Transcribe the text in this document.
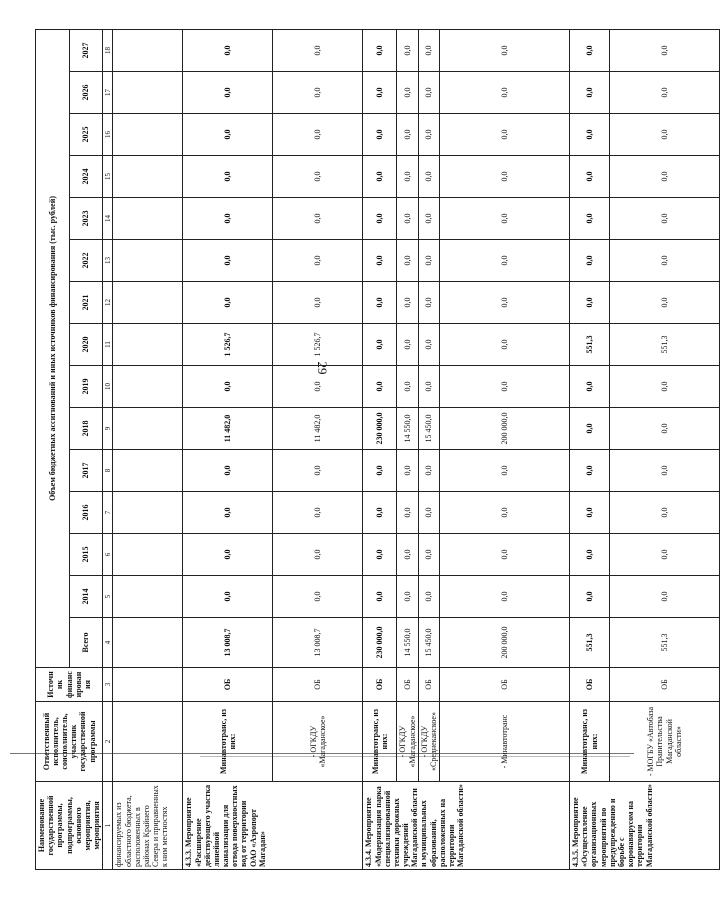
29
Наименование государственной программы, подпрограммы, основного мероприятия, мероприятия	Ответственный исполнитель, соисполнитель, участник государственной программы	Источник финансирования	Объем бюджетных ассигнований и иных источников финансирования (тыс. рублей)														
			Всего	2014	2015	2016	2017	2018	2019	2020	2021	2022	2023	2024	2025	2026	2027
1	2	3	4	5	6	7	8	9	10	11	12	13	14	15	16	17	18
финансируемых из областного бюджета, расположенных в районах Крайнего Севера и приравненных к ним местностях																	
4.3.3. Мероприятие «Расширение действующего участка линейной канализации для отвода поверхностных вод от территории ОАО «Аэропорт Магадан»	Минавтотранс, из них:	ОБ	13 008,7	0,0	0,0	0,0	0,0	11 482,0	0,0	1 526,7	0,0	0,0	0,0	0,0	0,0	0,0	0,0
	- ОГКДУ «Магаданское»	ОБ	13 008,7	0,0	0,0	0,0	0,0	11 482,0	0,0	1 526,7	0,0	0,0	0,0	0,0	0,0	0,0	0,0
4.3.4. Мероприятие «Модернизация парка специализированной техники дорожных учреждений Магаданской области и муниципальных образований, расположенных на территории Магаданской области»	Минавтотранс, из них:	ОБ	230 000,0	0,0	0,0	0,0	0,0	230 000,0	0,0	0,0	0,0	0,0	0,0	0,0	0,0	0,0	0,0
	- ОГКДУ «Магаданское»	ОБ	14 550,0	0,0	0,0	0,0	0,0	14 550,0	0,0	0,0	0,0	0,0	0,0	0,0	0,0	0,0	0,0
	- ОГКДУ «Среднеканское»	ОБ	15 450,0	0,0	0,0	0,0	0,0	15 450,0	0,0	0,0	0,0	0,0	0,0	0,0	0,0	0,0	0,0
	- Минавтотранс	ОБ	200 000,0	0,0	0,0	0,0	0,0	200 000,0	0,0	0,0	0,0	0,0	0,0	0,0	0,0	0,0	0,0
4.3.5. Мероприятие «Осуществление организационных мероприятий по предупреждению и борьбе с коронавирусом на территории Магаданской области»	Минавтотранс, из них:	ОБ	551,3	0,0	0,0	0,0	0,0	0,0	0,0	551,3	0,0	0,0	0,0	0,0	0,0	0,0	0,0
	- МОГБУ «Автобаза Правительства Магаданской области»	ОБ	551,3	0,0	0,0	0,0	0,0	0,0	0,0	551,3	0,0	0,0	0,0	0,0	0,0	0,0	0,0
